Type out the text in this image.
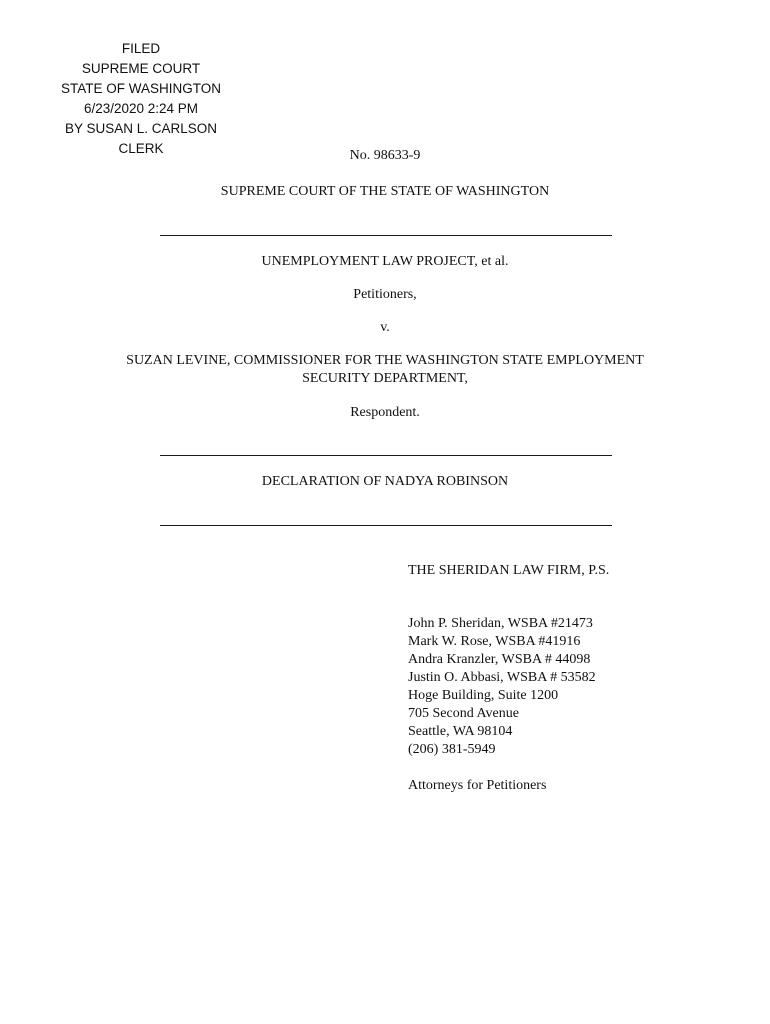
FILED
SUPREME COURT
STATE OF WASHINGTON
6/23/2020 2:24 PM
BY SUSAN L. CARLSON
CLERK	No. 98633-9
SUPREME COURT OF THE STATE OF WASHINGTON
UNEMPLOYMENT LAW PROJECT, et al.
Petitioners,
v.
SUZAN LEVINE, COMMISSIONER FOR THE WASHINGTON STATE EMPLOYMENT
SECURITY DEPARTMENT,
Respondent.
DECLARATION OF NADYA ROBINSON
THE SHERIDAN LAW FIRM, P.S.
John P. Sheridan, WSBA #21473
Mark W. Rose, WSBA #41916
Andra Kranzler, WSBA # 44098
Justin O. Abbasi, WSBA # 53582
Hoge Building, Suite 1200
705 Second Avenue
Seattle, WA 98104
(206) 381-5949
Attorneys for Petitioners
